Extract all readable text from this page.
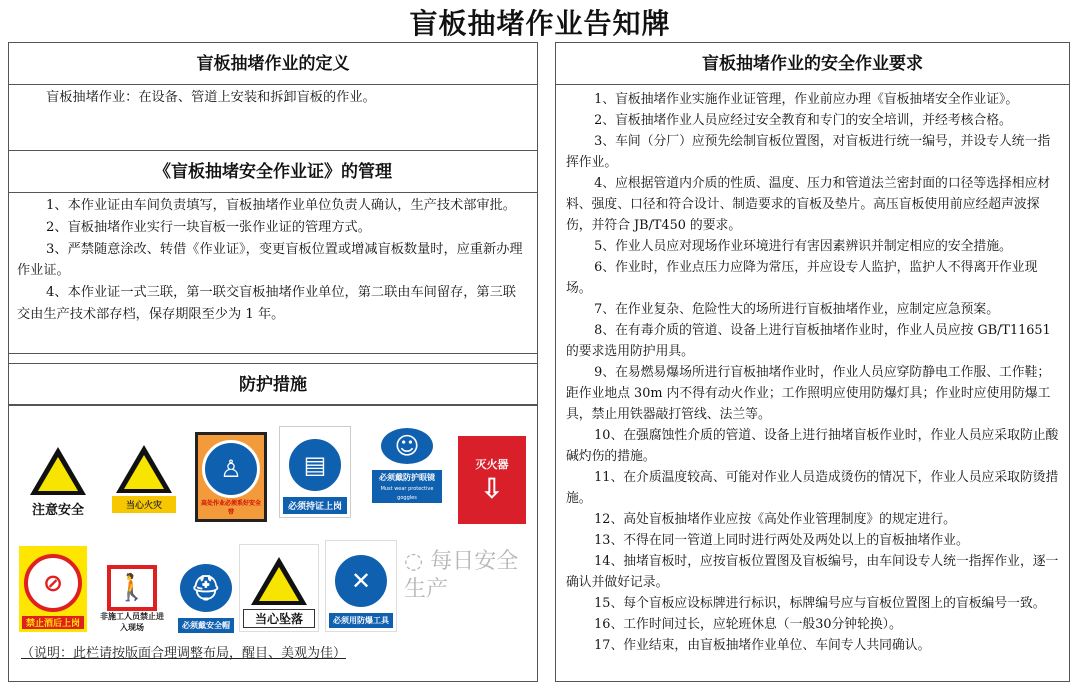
盲板抽堵作业告知牌
盲板抽堵作业的定义

盲板抽堵作业：在设备、管道上安装和拆卸盲板的作业。

《盲板抽堵安全作业证》的管理

1、本作业证由车间负责填写，盲板抽堵作业单位负责人确认，生产技术部审批。

2、盲板抽堵作业实行一块盲板一张作业证的管理方式。

3、严禁随意涂改、转借《作业证》，变更盲板位置或增减盲板数量时，应重新办理作业证。

4、本作业证一式三联，第一联交盲板抽堵作业单位，第二联由车间留存，第三联交由生产技术部存档，保存期限至少为 1 年。

防护措施
注意安全	当心火灾
♙
高处作业必须系好安全带
▤
必须持证上岗
☺
必须戴防护眼镜
Must wear protective goggles
灭火器
⇩
⊘
禁止酒后上岗
🚶
非施工人员禁止进入现场
⛑
必须戴安全帽	当心坠落
✕
必须用防爆工具
（说明：此栏请按版面合理调整布局，醒目、美观为佳）
盲板抽堵作业的安全作业要求

1、盲板抽堵作业实施作业证管理，作业前应办理《盲板抽堵安全作业证》。

2、盲板抽堵作业人员应经过安全教育和专门的安全培训，并经考核合格。

3、车间（分厂）应预先绘制盲板位置图，对盲板进行统一编号，并设专人统一指挥作业。

4、应根据管道内介质的性质、温度、压力和管道法兰密封面的口径等选择相应材料、强度、口径和符合设计、制造要求的盲板及垫片。高压盲板使用前应经超声波探伤，并符合 JB/T450 的要求。

5、作业人员应对现场作业环境进行有害因素辨识并制定相应的安全措施。

6、作业时，作业点压力应降为常压，并应设专人监护，监护人不得离开作业现场。

7、在作业复杂、危险性大的场所进行盲板抽堵作业，应制定应急预案。

8、在有毒介质的管道、设备上进行盲板抽堵作业时，作业人员应按 GB/T11651 的要求选用防护用具。

9、在易燃易爆场所进行盲板抽堵作业时，作业人员应穿防静电工作服、工作鞋；距作业地点 30m 内不得有动火作业；工作照明应使用防爆灯具；作业时应使用防爆工具，禁止用铁器敲打管线、法兰等。

10、在强腐蚀性介质的管道、设备上进行抽堵盲板作业时，作业人员应采取防止酸碱灼伤的措施。

11、在介质温度较高、可能对作业人员造成烫伤的情况下，作业人员应采取防烫措施。

12、高处盲板抽堵作业应按《高处作业管理制度》的规定进行。

13、不得在同一管道上同时进行两处及两处以上的盲板抽堵作业。

14、抽堵盲板时，应按盲板位置图及盲板编号，由车间设专人统一指挥作业，逐一确认并做好记录。

15、每个盲板应设标牌进行标识，标牌编号应与盲板位置图上的盲板编号一致。

16、工作时间过长，应轮班休息（一般30分钟轮换）。

17、作业结束，由盲板抽堵作业单位、车间专人共同确认。

◌ 每日安全生产
